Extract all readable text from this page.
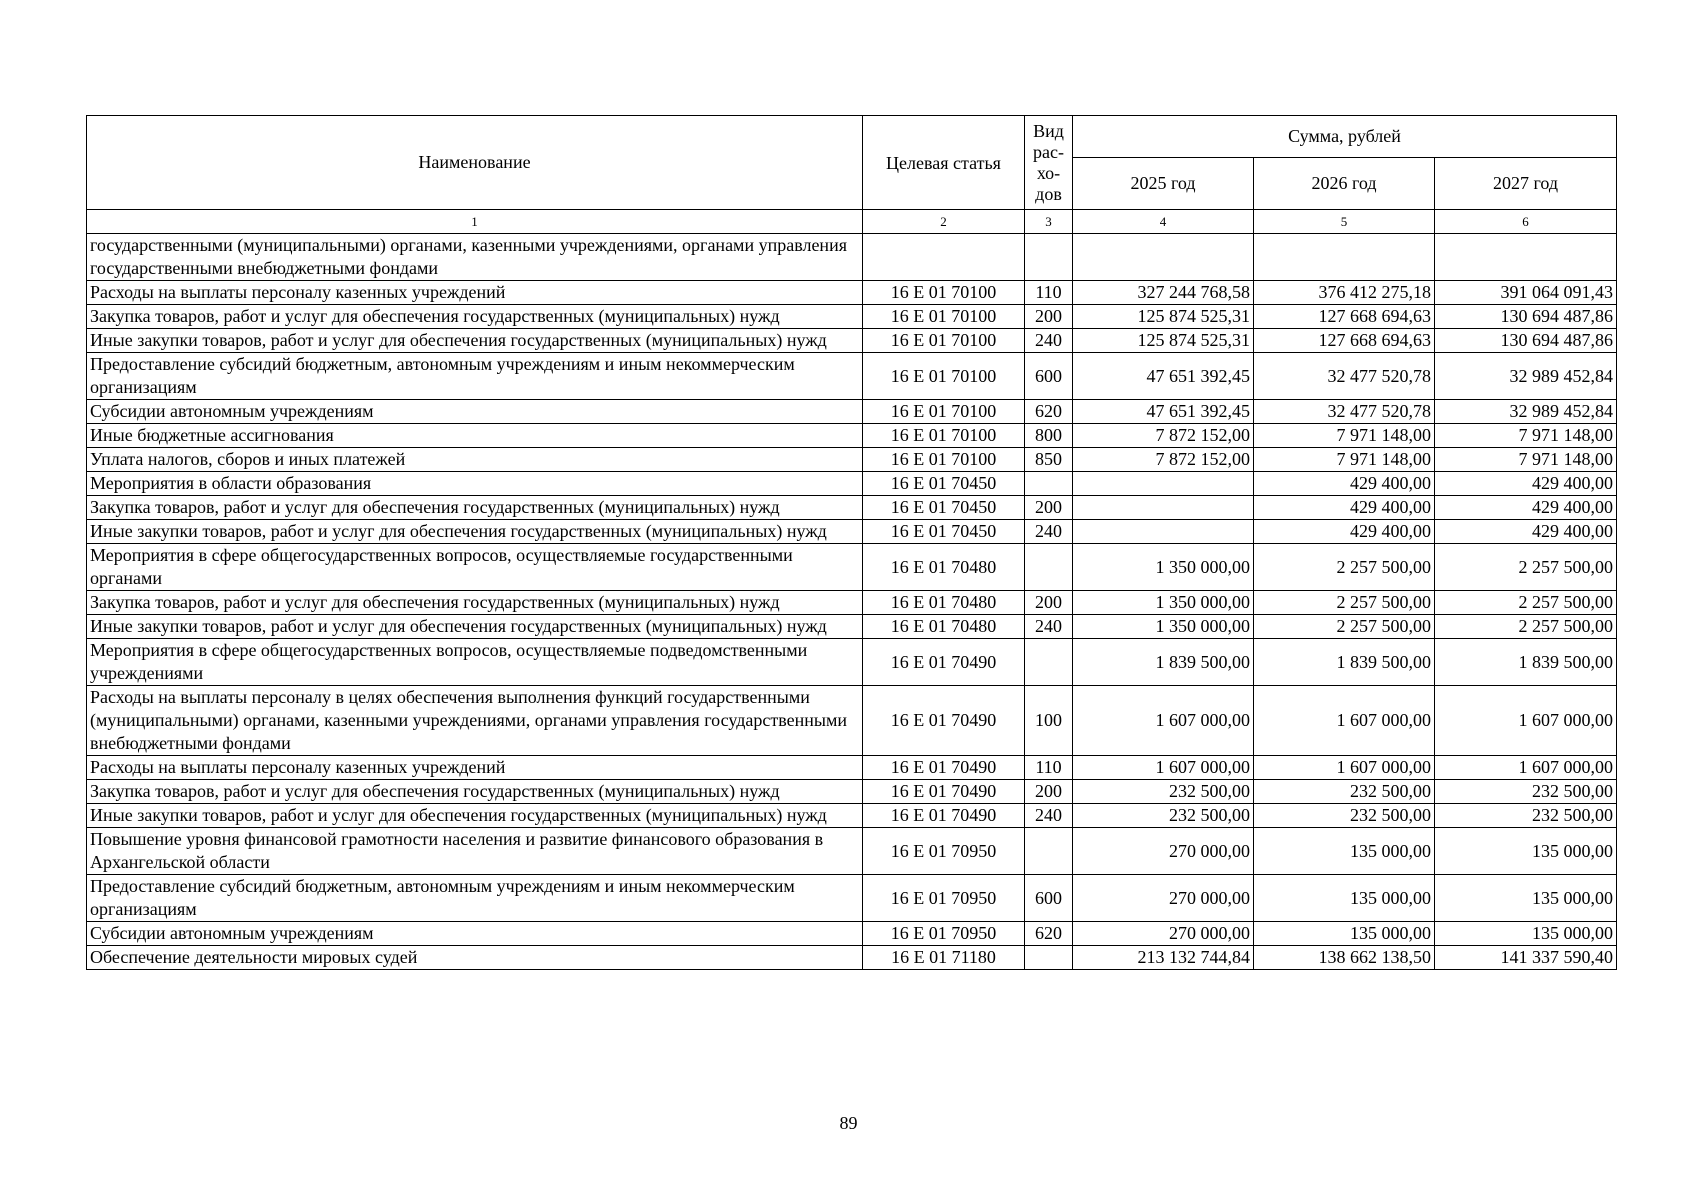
Наименование	Целевая статья	Вид
рас-
хо-
дов	Сумма, рублей		
			2025 год	2026 год	2027 год
1	2	3	4	5	6
государственными (муниципальными) органами, казенными учреждениями, органами управления государственными внебюджетными фондами					
Расходы на выплаты персоналу казенных учреждений	16 Е 01 70100	110	327 244 768,58	376 412 275,18	391 064 091,43
Закупка товаров, работ и услуг для обеспечения государственных (муниципальных) нужд	16 Е 01 70100	200	125 874 525,31	127 668 694,63	130 694 487,86
Иные закупки товаров, работ и услуг для обеспечения государственных (муниципальных) нужд	16 Е 01 70100	240	125 874 525,31	127 668 694,63	130 694 487,86
Предоставление субсидий бюджетным, автономным учреждениям и иным некоммерческим организациям	16 Е 01 70100	600	47 651 392,45	32 477 520,78	32 989 452,84
Субсидии автономным учреждениям	16 Е 01 70100	620	47 651 392,45	32 477 520,78	32 989 452,84
Иные бюджетные ассигнования	16 Е 01 70100	800	7 872 152,00	7 971 148,00	7 971 148,00
Уплата налогов, сборов и иных платежей	16 Е 01 70100	850	7 872 152,00	7 971 148,00	7 971 148,00
Мероприятия в области образования	16 Е 01 70450			429 400,00	429 400,00
Закупка товаров, работ и услуг для обеспечения государственных (муниципальных) нужд	16 Е 01 70450	200		429 400,00	429 400,00
Иные закупки товаров, работ и услуг для обеспечения государственных (муниципальных) нужд	16 Е 01 70450	240		429 400,00	429 400,00
Мероприятия в сфере общегосударственных вопросов, осуществляемые государственными органами	16 Е 01 70480		1 350 000,00	2 257 500,00	2 257 500,00
Закупка товаров, работ и услуг для обеспечения государственных (муниципальных) нужд	16 Е 01 70480	200	1 350 000,00	2 257 500,00	2 257 500,00
Иные закупки товаров, работ и услуг для обеспечения государственных (муниципальных) нужд	16 Е 01 70480	240	1 350 000,00	2 257 500,00	2 257 500,00
Мероприятия в сфере общегосударственных вопросов, осуществляемые подведомственными учреждениями	16 Е 01 70490		1 839 500,00	1 839 500,00	1 839 500,00
Расходы на выплаты персоналу в целях обеспечения выполнения функций государственными (муниципальными) органами, казенными учреждениями, органами управления государственными внебюджетными фондами	16 Е 01 70490	100	1 607 000,00	1 607 000,00	1 607 000,00
Расходы на выплаты персоналу казенных учреждений	16 Е 01 70490	110	1 607 000,00	1 607 000,00	1 607 000,00
Закупка товаров, работ и услуг для обеспечения государственных (муниципальных) нужд	16 Е 01 70490	200	232 500,00	232 500,00	232 500,00
Иные закупки товаров, работ и услуг для обеспечения государственных (муниципальных) нужд	16 Е 01 70490	240	232 500,00	232 500,00	232 500,00
Повышение уровня финансовой грамотности населения и развитие финансового образования в Архангельской области	16 Е 01 70950		270 000,00	135 000,00	135 000,00
Предоставление субсидий бюджетным, автономным учреждениям и иным некоммерческим организациям	16 Е 01 70950	600	270 000,00	135 000,00	135 000,00
Субсидии автономным учреждениям	16 Е 01 70950	620	270 000,00	135 000,00	135 000,00
Обеспечение деятельности мировых судей	16 Е 01 71180		213 132 744,84	138 662 138,50	141 337 590,40
89
